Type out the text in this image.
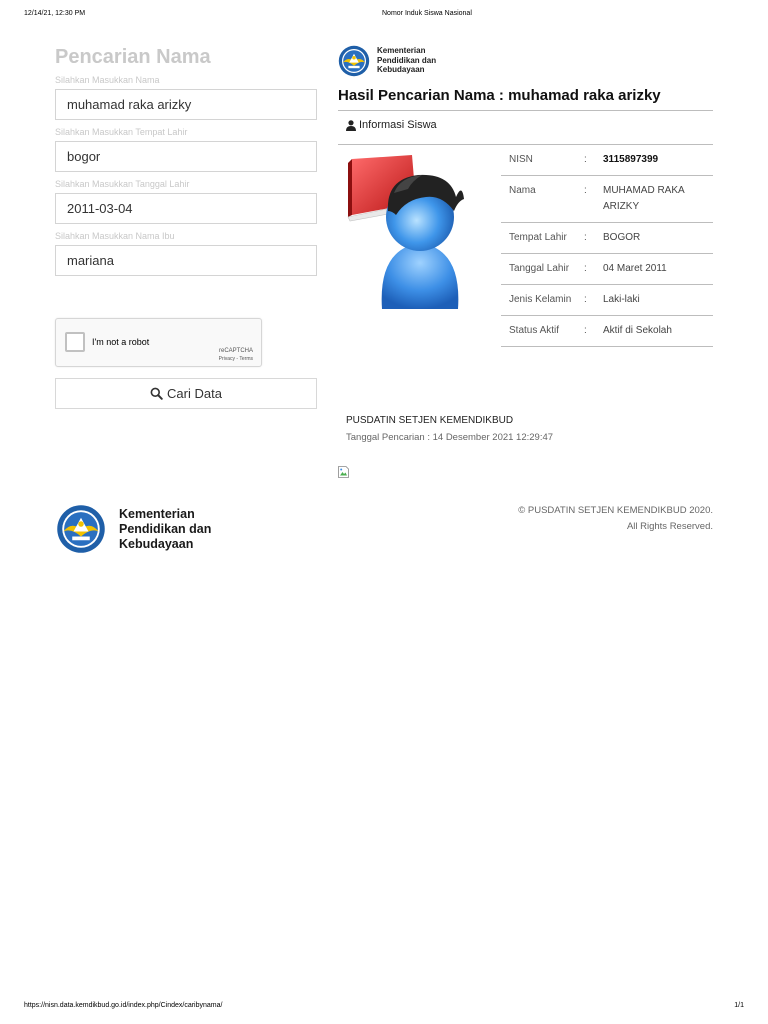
12/14/21, 12:30 PM	Nomor Induk Siswa Nasional
Pencarian Nama
Silahkan Masukkan Nama
muhamad raka arizky
Silahkan Masukkan Tempat Lahir
bogor
Silahkan Masukkan Tanggal Lahir
2011-03-04
Silahkan Masukkan Nama Ibu
mariana
I'm not a robot
reCAPTCHA
Privacy - Terms
Cari Data
Kementerian
Pendidikan dan
Kebudayaan
Hasil Pencarian Nama : muhamad raka arizky
Informasi Siswa
NISN	:	3115897399
Nama	:	MUHAMAD RAKA ARIZKY
Tempat Lahir	:	BOGOR
Tanggal Lahir	:	04 Maret 2011
Jenis Kelamin	:	Laki-laki
Status Aktif	:	Aktif di Sekolah
PUSDATIN SETJEN KEMENDIKBUD
Tanggal Pencarian : 14 Desember 2021 12:29:47
Kementerian
Pendidikan dan
Kebudayaan
© PUSDATIN SETJEN KEMENDIKBUD 2020.
All Rights Reserved.
https://nisn.data.kemdikbud.go.id/index.php/Cindex/caribynama/	1/1
